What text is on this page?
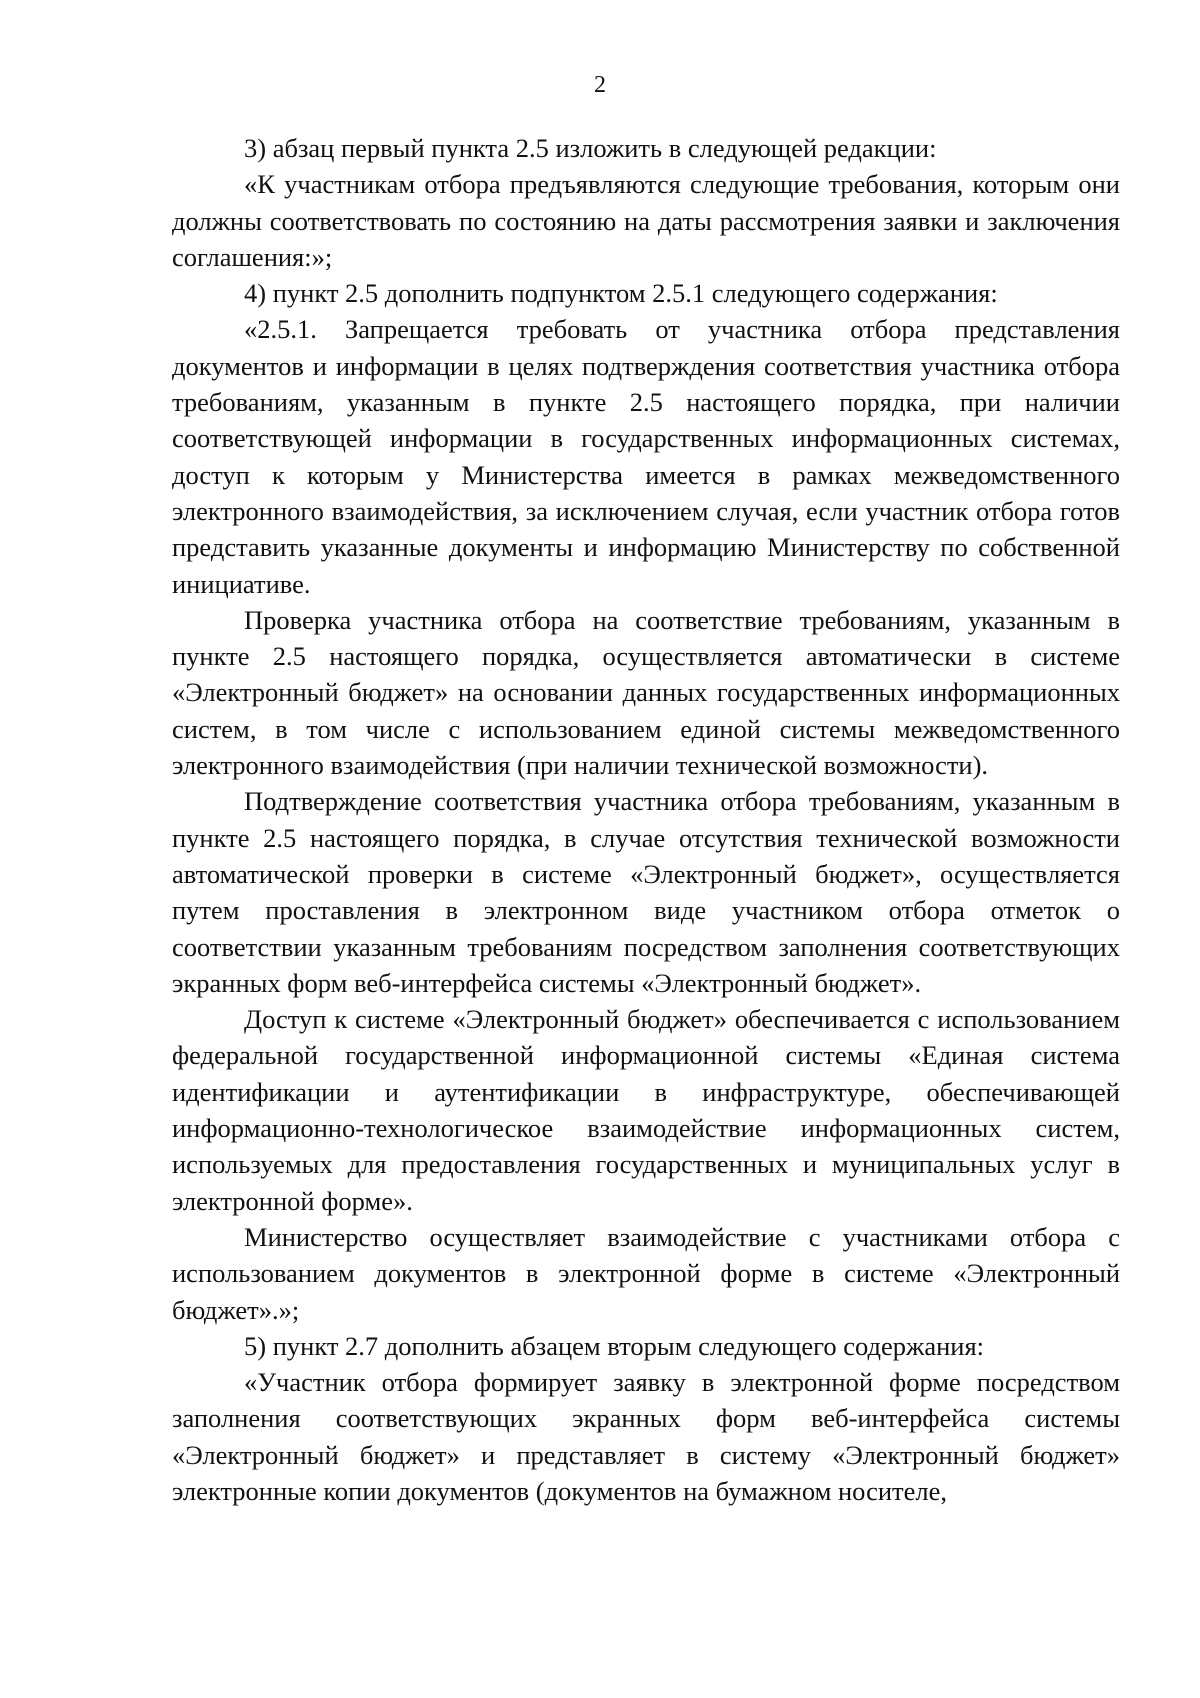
2

3) абзац первый пункта 2.5 изложить в следующей редакции:

«К участникам отбора предъявляются следующие требования, которым они должны соответствовать по состоянию на даты рассмотрения заявки и заключения соглашения:»;

4) пункт 2.5 дополнить подпунктом 2.5.1 следующего содержания:

«2.5.1. Запрещается требовать от участника отбора представления документов и информации в целях подтверждения соответствия участника отбора требованиям, указанным в пункте 2.5 настоящего порядка, при наличии соответствующей информации в государственных информационных системах, доступ к которым у Министерства имеется в рамках межведомственного электронного взаимодействия, за исключением случая, если участник отбора готов представить указанные документы и информацию Министерству по собственной инициативе.

Проверка участника отбора на соответствие требованиям, указанным в пункте 2.5 настоящего порядка, осуществляется автоматически в системе «Электронный бюджет» на основании данных государственных информационных систем, в том числе с использованием единой системы межведомственного электронного взаимодействия (при наличии технической возможности).

Подтверждение соответствия участника отбора требованиям, указанным в пункте 2.5 настоящего порядка, в случае отсутствия технической возможности автоматической проверки в системе «Электронный бюджет», осуществляется путем проставления в электронном виде участником отбора отметок о соответствии указанным требованиям посредством заполнения соответствующих экранных форм веб-интерфейса системы «Электронный бюджет».

Доступ к системе «Электронный бюджет» обеспечивается с использованием федеральной государственной информационной системы «Единая система идентификации и аутентификации в инфраструктуре, обеспечивающей информационно-технологическое взаимодействие информационных систем, используемых для предоставления государственных и муниципальных услуг в электронной форме».

Министерство осуществляет взаимодействие с участниками отбора с использованием документов в электронной форме в системе «Электронный бюджет».»;

5) пункт 2.7 дополнить абзацем вторым следующего содержания:

«Участник отбора формирует заявку в электронной форме посредством заполнения соответствующих экранных форм веб-интерфейса системы «Электронный бюджет» и представляет в систему «Электронный бюджет» электронные копии документов (документов на бумажном носителе,
